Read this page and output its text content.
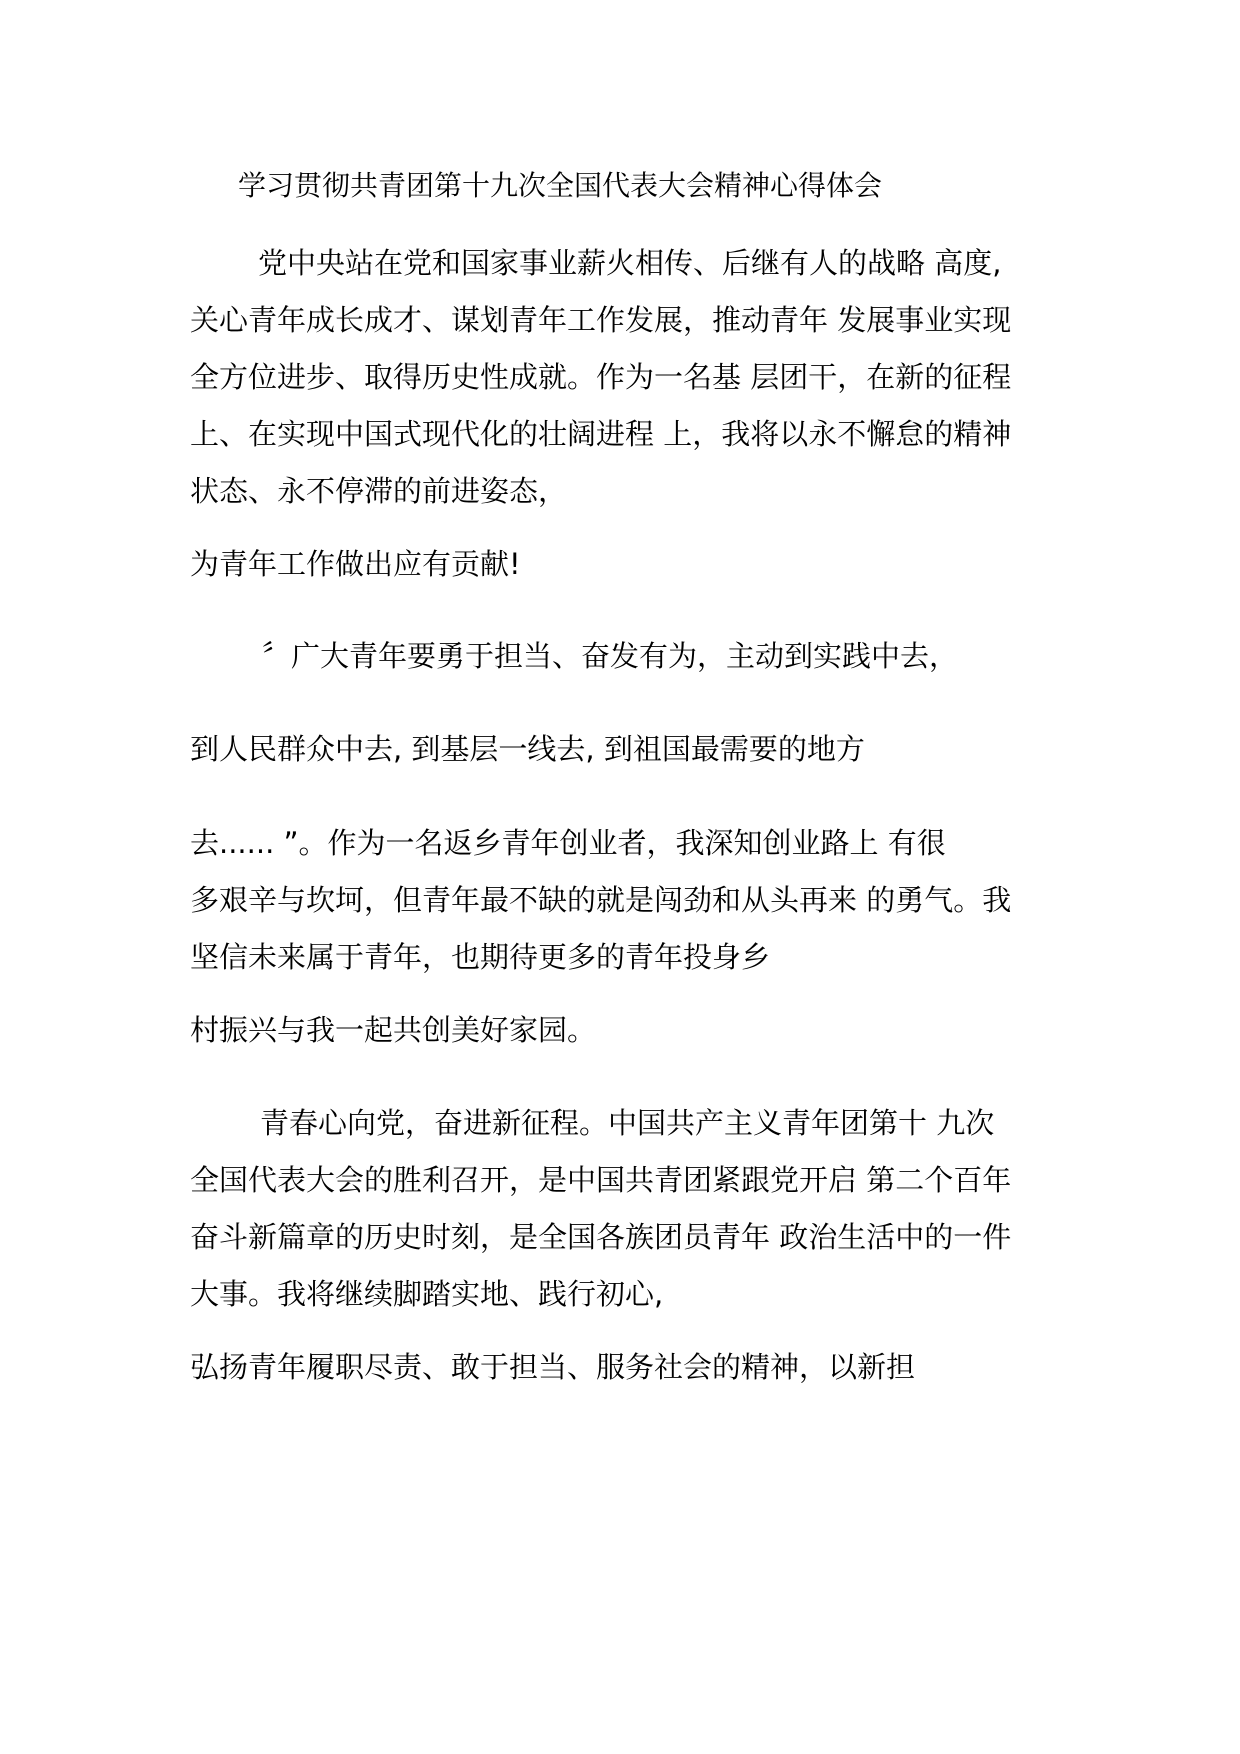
学习贯彻共青团第十九次全国代表大会精神心得体会
党中央站在党和国家事业薪火相传、后继有人的战略 高度,
关心青年成长成才、谋划青年工作发展，推动青年 发展事业实现
全方位进步、取得历史性成就。作为一名基 层团干，在新的征程
上、在实现中国式现代化的壮阔进程 上，我将以永不懈怠的精神
状态、永不停滞的前进姿态，
为青年工作做出应有贡献!
〞广大青年要勇于担当、奋发有为，主动到实践中去，
到人民群众中去, 到基层一线去, 到祖国最需要的地方
去...... ”。作为一名返乡青年创业者，我深知创业路上 有很
多艰辛与坎坷，但青年最不缺的就是闯劲和从头再来 的勇气。我
坚信未来属于青年，也期待更多的青年投身乡
村振兴与我一起共创美好家园。
青春心向党，奋进新征程。中国共产主义青年团第十 九次
全国代表大会的胜利召开，是中国共青团紧跟党开启 第二个百年
奋斗新篇章的历史时刻，是全国各族团员青年 政治生活中的一件
大事。我将继续脚踏实地、践行初心,
弘扬青年履职尽责、敢于担当、服务社会的精神，以新担
